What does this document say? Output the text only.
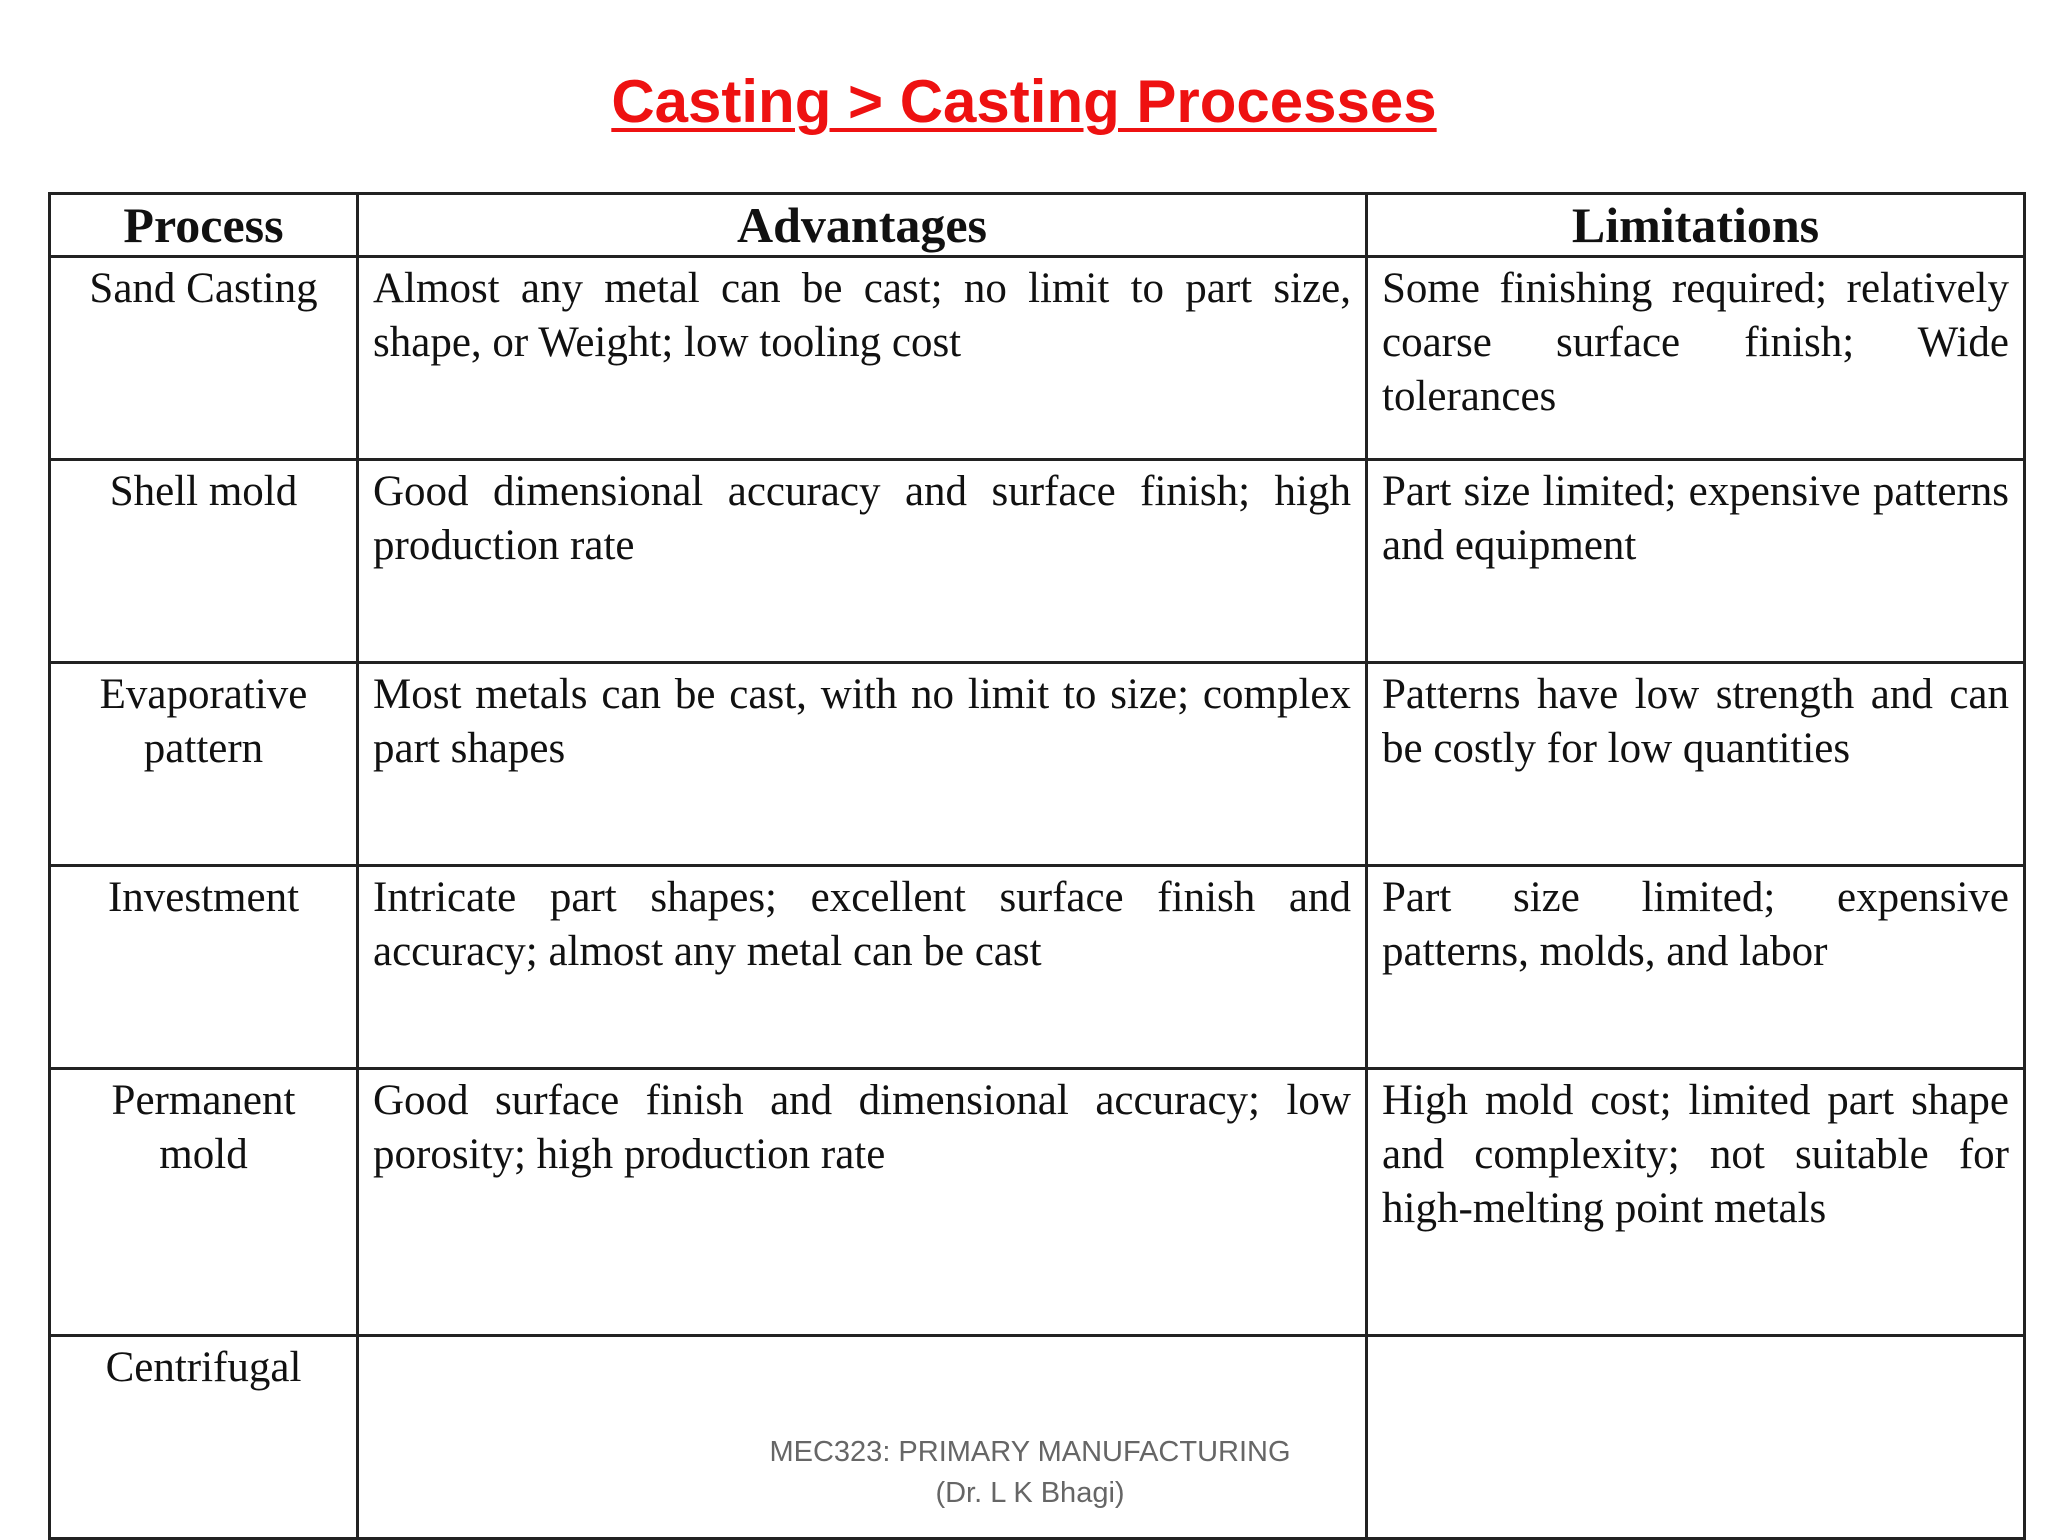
Casting > Casting Processes
Process	Advantages	Limitations
Sand Casting	Almost any metal can be cast; no limit to part size, shape, or Weight; low tooling cost	Some finishing required; relatively coarse surface finish; Wide tolerances
Shell mold	Good dimensional accuracy and surface finish; high production rate	Part size limited; expensive patterns and equipment
Evaporative pattern	Most metals can be cast, with no limit to size; complex part shapes	Patterns have low strength and can be costly for low quantities
Investment	Intricate part shapes; excellent surface finish and accuracy; almost any metal can be cast	Part size limited; expensive patterns, molds, and labor
Permanent mold	Good surface finish and dimensional accuracy; low porosity; high production rate	High mold cost; limited part shape and complexity; not suitable for high-melting point metals
Centrifugal		
MEC323: PRIMARY MANUFACTURING
(Dr. L K Bhagi)
